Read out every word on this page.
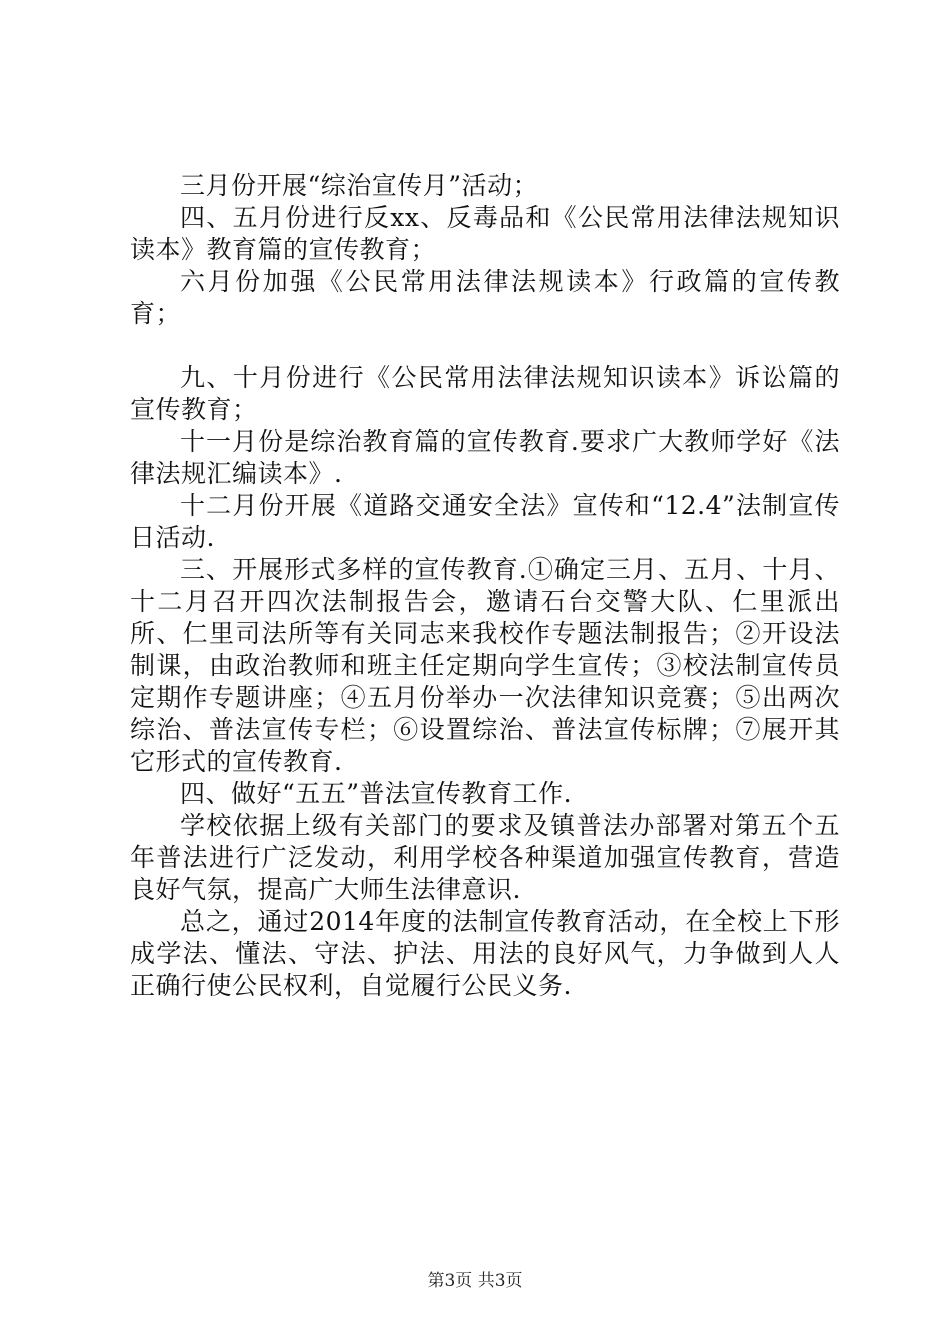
三月份开展“综治宣传月”活动；

四、五月份进行反xx、反毒品和《公民常用法律法规知识读本》教育篇的宣传教育；

六月份加强《公民常用法律法规读本》行政篇的宣传教育；

九、十月份进行《公民常用法律法规知识读本》诉讼篇的宣传教育；

十一月份是综治教育篇的宣传教育.要求广大教师学好《法律法规汇编读本》.

十二月份开展《道路交通安全法》宣传和“12.4”法制宣传日活动.

三、开展形式多样的宣传教育.①确定三月、五月、十月、十二月召开四次法制报告会，邀请石台交警大队、仁里派出所、仁里司法所等有关同志来我校作专题法制报告；②开设法制课，由政治教师和班主任定期向学生宣传；③校法制宣传员定期作专题讲座；④五月份举办一次法律知识竞赛；⑤出两次综治、普法宣传专栏；⑥设置综治、普法宣传标牌；⑦展开其它形式的宣传教育.

四、做好“五五”普法宣传教育工作.

学校依据上级有关部门的要求及镇普法办部署对第五个五年普法进行广泛发动，利用学校各种渠道加强宣传教育，营造良好气氛，提高广大师生法律意识.

总之，通过2014年度的法制宣传教育活动，在全校上下形成学法、懂法、守法、护法、用法的良好风气，力争做到人人正确行使公民权利，自觉履行公民义务.

第3页 共3页
